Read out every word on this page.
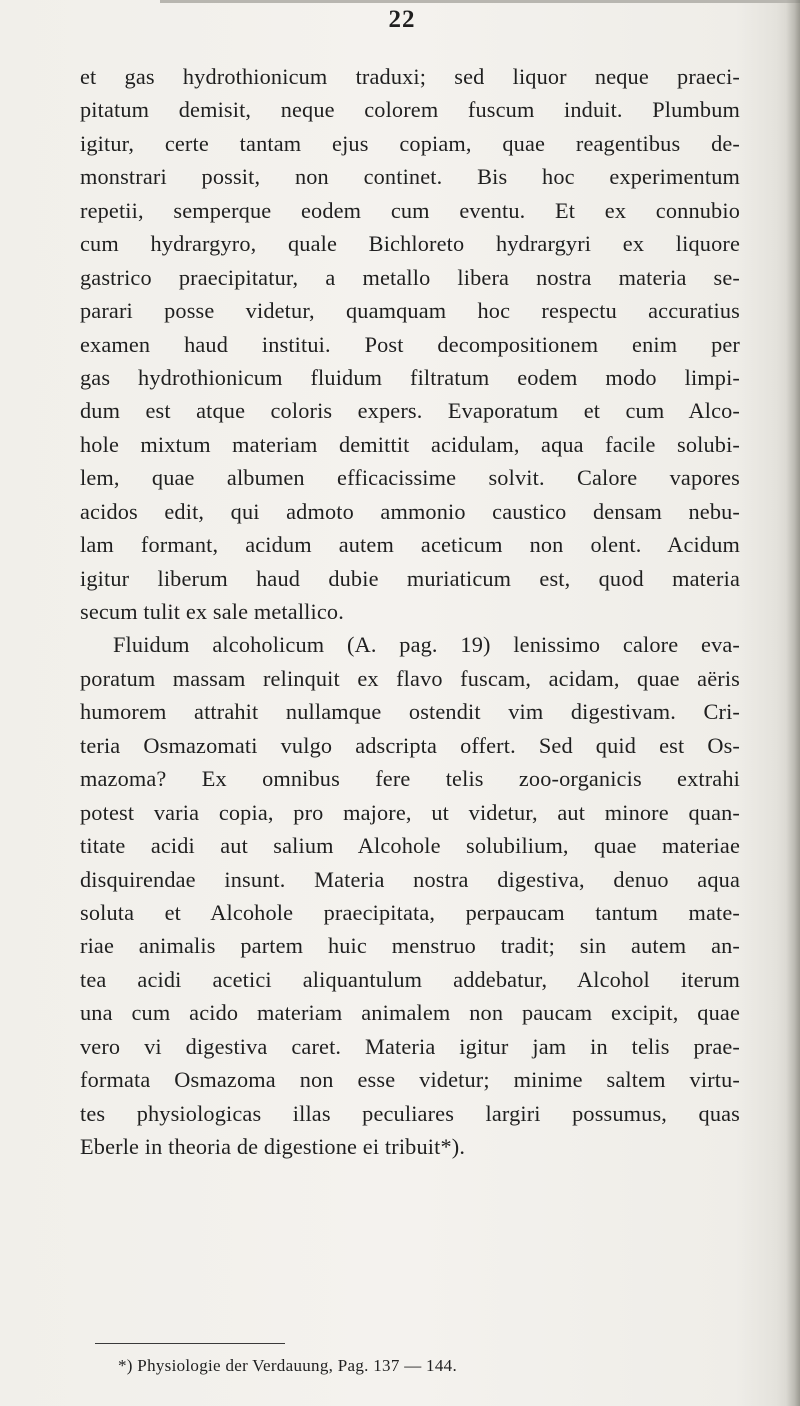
22
et gas hydrothionicum traduxi; sed liquor neque praeci-
pitatum demisit, neque colorem fuscum induit. Plumbum
igitur, certe tantam ejus copiam, quae reagentibus de-
monstrari possit, non continet. Bis hoc experimentum
repetii, semperque eodem cum eventu. Et ex connubio
cum hydrargyro, quale Bichloreto hydrargyri ex liquore
gastrico praecipitatur, a metallo libera nostra materia se-
parari posse videtur, quamquam hoc respectu accuratius
examen haud institui. Post decompositionem enim per
gas hydrothionicum fluidum filtratum eodem modo limpi-
dum est atque coloris expers. Evaporatum et cum Alco-
hole mixtum materiam demittit acidulam, aqua facile solubi-
lem, quae albumen efficacissime solvit. Calore vapores
acidos edit, qui admoto ammonio caustico densam nebu-
lam formant, acidum autem aceticum non olent. Acidum
igitur liberum haud dubie muriaticum est, quod materia
secum tulit ex sale metallico.
Fluidum alcoholicum (A. pag. 19) lenissimo calore eva-
poratum massam relinquit ex flavo fuscam, acidam, quae aëris
humorem attrahit nullamque ostendit vim digestivam. Cri-
teria Osmazomati vulgo adscripta offert. Sed quid est Os-
mazoma? Ex omnibus fere telis zoo-organicis extrahi
potest varia copia, pro majore, ut videtur, aut minore quan-
titate acidi aut salium Alcohole solubilium, quae materiae
disquirendae insunt. Materia nostra digestiva, denuo aqua
soluta et Alcohole praecipitata, perpaucam tantum mate-
riae animalis partem huic menstruo tradit; sin autem an-
tea acidi acetici aliquantulum addebatur, Alcohol iterum
una cum acido materiam animalem non paucam excipit, quae
vero vi digestiva caret. Materia igitur jam in telis prae-
formata Osmazoma non esse videtur; minime saltem virtu-
tes physiologicas illas peculiares largiri possumus, quas
Eberle in theoria de digestione ei tribuit*).
*) Physiologie der Verdauung, Pag. 137 — 144.
